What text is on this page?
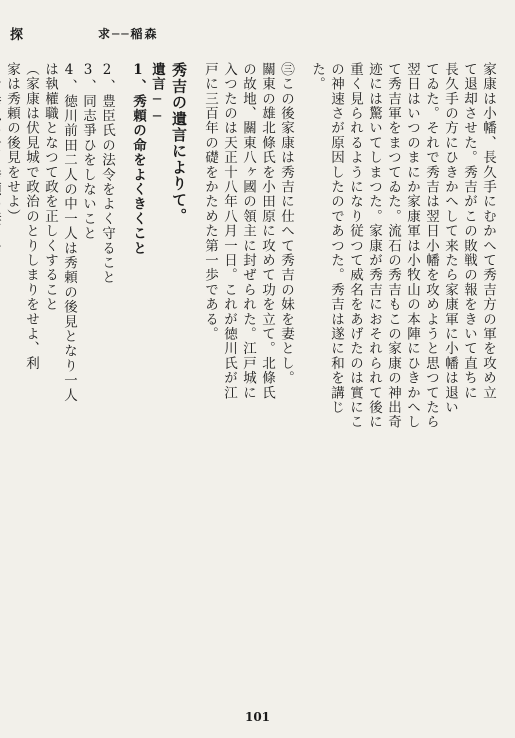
探	求──稲森
家康は小幡、長久手にむかへて秀吉方の軍を攻め立
て退却させた。秀吉がこの敗戦の報をきいて直ちに
長久手の方にひきかへして来たら家康軍に小幡は退い
てゐた。それで秀吉は翌日小幡を攻めようと思つてたら
翌日はいつのまにか家康軍は小牧山の本陣にひきかへし
て秀吉軍をまつてゐた。流石の秀吉もこの家康の神出奇
迹には驚いてしまつた。家康が秀吉におそれられて後に
重く見られるようになり従つて威名をあげたのは實にこ
の神速さが原因したのであつた。秀吉は遂に和を講じ
た。
㊂この後家康は秀吉に仕へて秀吉の妹を妻とし。
關東の雄北條氏を小田原に攻めて功を立て。北條氏
の故地、關東八ヶ國の領主に封ぜられた。江戸城に
入つたのは天正十八年八月一日。これが徳川氏が江
戸に三百年の礎をかためた第一歩である。
秀吉の遺言によりて。
遺言──
1、秀頼の命をよくきくこと
2、豊臣氏の法令をよく守ること
3、同志爭ひをしないこと
4、徳川前田二人の中一人は秀頼の後見となり一人
は執權職となつて政を正しくすること
（家康は伏見城で政治のとりしまりをせよ、利
家は秀頼の後見をせよ）
101
